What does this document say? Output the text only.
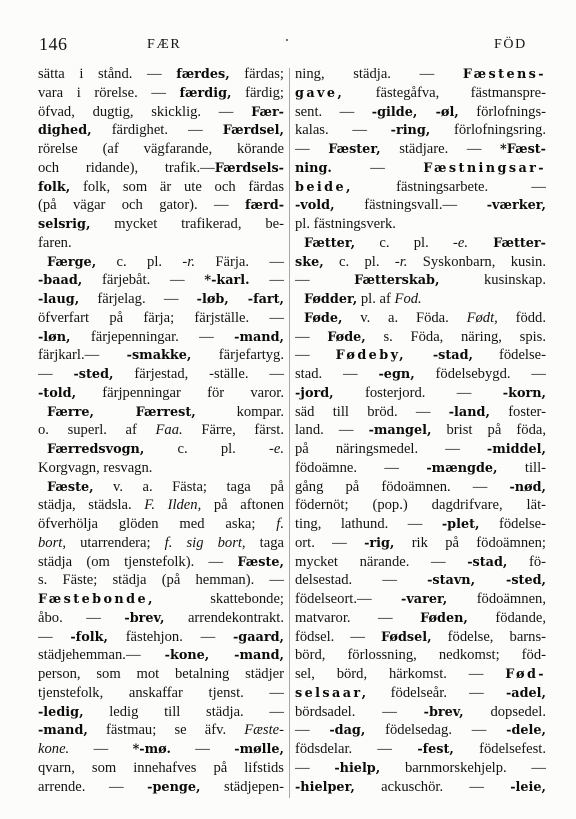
146	FÆR	FÖD
sätta i stånd. — færdes, färdas;
vara i rörelse. — færdig, färdig;
öfvad, dugtig, skicklig. — Fær-
dighed, färdighet. — Færdsel,
rörelse (af vägfarande, körande
och ridande), trafik.—Færdsels-
folk, folk, som är ute och färdas
(på vägar och gator). — færd-
selsrig, mycket trafikerad, be-
faren.
Færge, c. pl. -r. Färja. —
-baad, färjebåt. — *-karl. —
-laug, färjelag. — -løb, -fart,
öfverfart på färja; färjställe. —
-løn, färjepenningar. — -mand,
färjkarl.— -smakke, färjefartyg.
— -sted, färjestad, -ställe. —
-told, färjpenningar för varor.
Færre, Færrest, kompar.
o. superl. af Faa. Färre, färst.
Færredsvogn, c. pl. -e.
Korgvagn, resvagn.
Fæste, v. a. Fästa; taga på
städja, städsla. F. Ilden, på aftonen
öfverhölja glöden med aska; f.
bort, utarrendera; f. sig bort, taga
städja (om tjenstefolk). — Fæste,
s. Fäste; städja (på hemman). —
Fæstebonde, skattebonde;
åbo. — -brev, arrendekontrakt.
— -folk, fästehjon. — -gaard,
städjehemman.— -kone, -mand,
person, som mot betalning städjer
tjenstefolk, anskaffar tjenst. —
-ledig, ledig till städja. —
-mand, fästmau; se äfv. Fæste-
kone. — *-mø. — -mølle,
qvarn, som innehafves på lifstids
arrende. — -penge, städjepen-
ning, städja. — Fæstens-
gave, fästegåfva, fästmanspre-
sent. — -gilde, -øl, förlofnings-
kalas. — -ring, förlofningsring.
— Fæster, städjare. — *Fæst-
ning. — Fæstningsar-
beide, fästningsarbete. —
-vold, fästningsvall.— -værker,
pl. fästningsverk.
Fætter, c. pl. -e. Fætter-
ske, c. pl. -r. Syskonbarn, kusin.
— Fætterskab, kusinskap.
Fødder, pl. af Fod.
Føde, v. a. Föda. Født, född.
— Føde, s. Föda, näring, spis.
— Fødeby, -stad, födelse-
stad. — -egn, födelsebygd. —
-jord, fosterjord. — -korn,
säd till bröd. — -land, foster-
land. — -mangel, brist på föda,
på näringsmedel. — -middel,
födoämne. — -mængde, till-
gång på födoämnen. — -nød,
födernöt; (pop.) dagdrifvare, lät-
ting, lathund. — -plet, födelse-
ort. — -rig, rik på födoämnen;
mycket närande. — -stad, fö-
delsestad. — -stavn, -sted,
födelseort.— -varer, födoämnen,
matvaror. — Føden, födande,
födsel. — Fødsel, födelse, barns-
börd, förlossning, nedkomst; föd-
sel, börd, härkomst. — Fød-
selsaar, födelseår. — -adel,
bördsadel. — -brev, dopsedel.
— -dag, födelsedag. — -dele,
födsdelar. — -fest, födelsefest.
— -hielp, barnmorskehjelp. —
-hielper, ackuschör. — -leie,
